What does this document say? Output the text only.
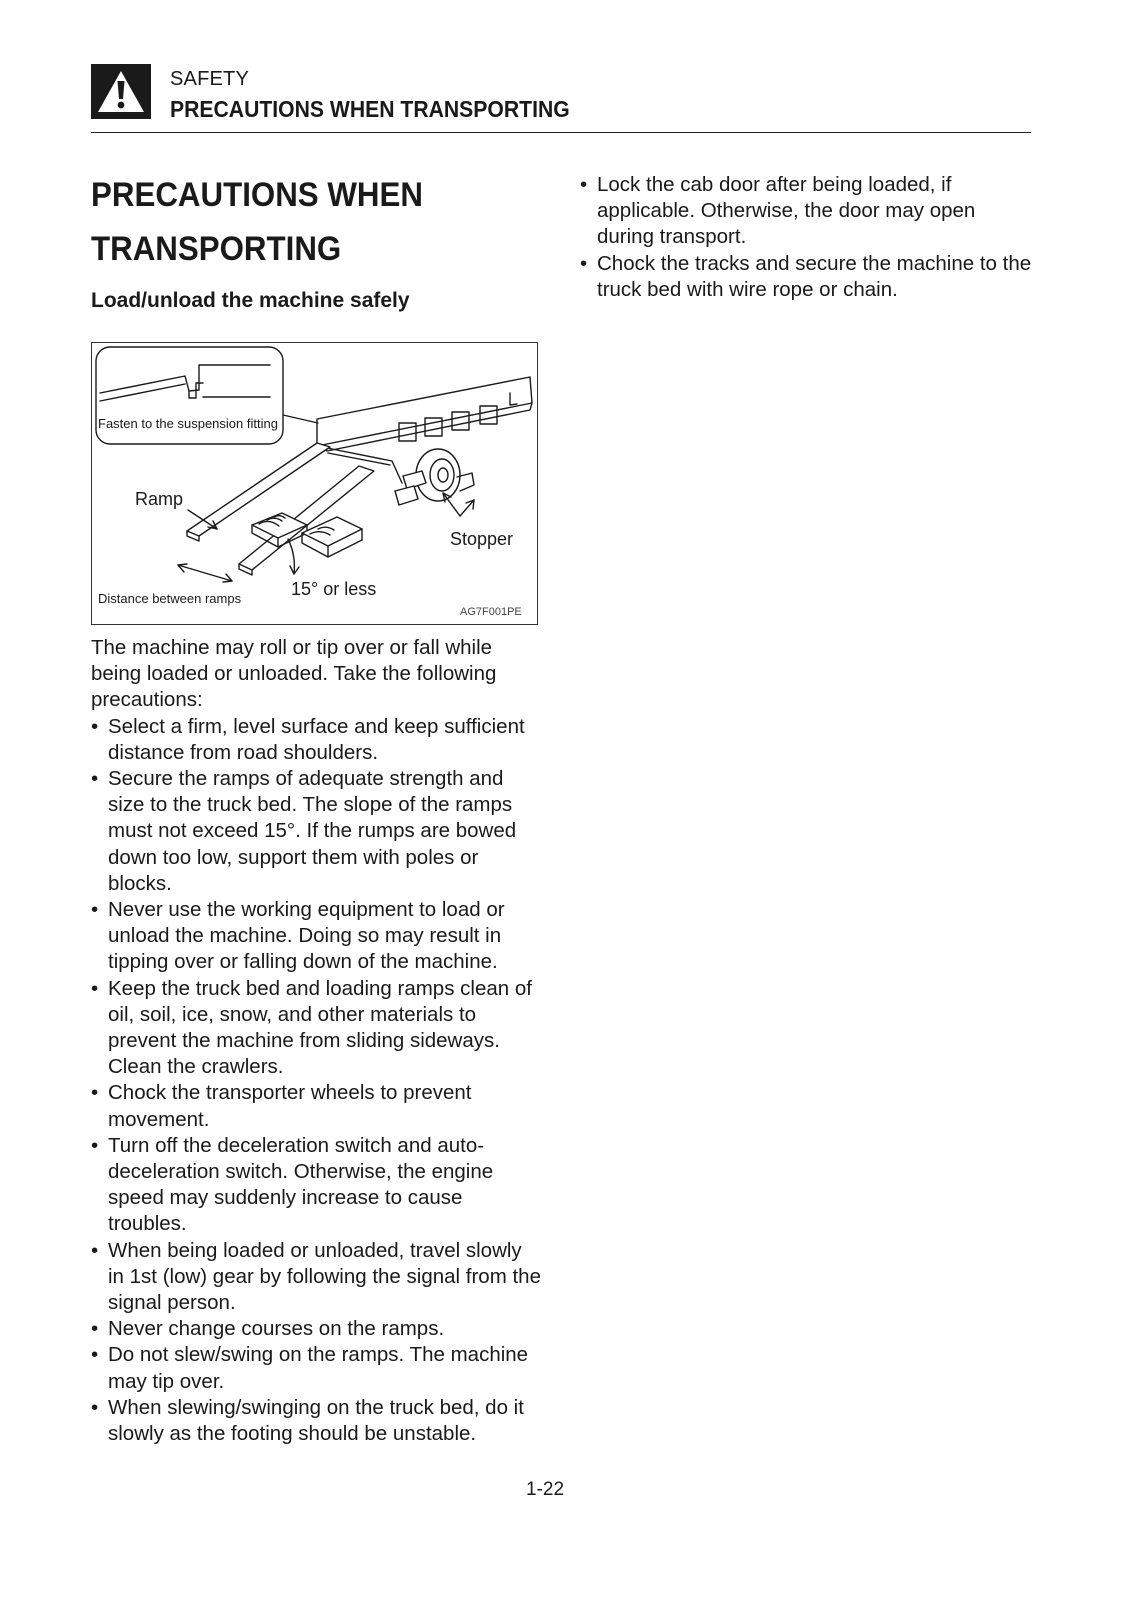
SAFETY
PRECAUTIONS WHEN TRANSPORTING
PRECAUTIONS WHEN
TRANSPORTING
Load/unload the machine safely
Fasten to the suspension fitting
Ramp
Stopper
Distance between ramps	15° or less
AG7F001PE

The machine may roll or tip over or fall while being loaded or unloaded. Take the following precautions:

• Select a firm, level surface and keep sufficient distance from road shoulders.
• Secure the ramps of adequate strength and size to the truck bed. The slope of the ramps must not exceed 15°. If the rumps are bowed down too low, support them with poles or blocks.
• Never use the working equipment to load or unload the machine. Doing so may result in tipping over or falling down of the machine.
• Keep the truck bed and loading ramps clean of oil, soil, ice, snow, and other materials to prevent the machine from sliding sideways. Clean the crawlers.
• Chock the transporter wheels to prevent movement.
• Turn off the deceleration switch and auto-deceleration switch. Otherwise, the engine speed may suddenly increase to cause troubles.
• When being loaded or unloaded, travel slowly in 1st (low) gear by following the signal from the signal person.
• Never change courses on the ramps.
• Do not slew/swing on the ramps. The machine may tip over.
• When slewing/swinging on the truck bed, do it slowly as the footing should be unstable.
• Lock the cab door after being loaded, if applicable. Otherwise, the door may open during transport.
• Chock the tracks and secure the machine to the truck bed with wire rope or chain.
1-22
